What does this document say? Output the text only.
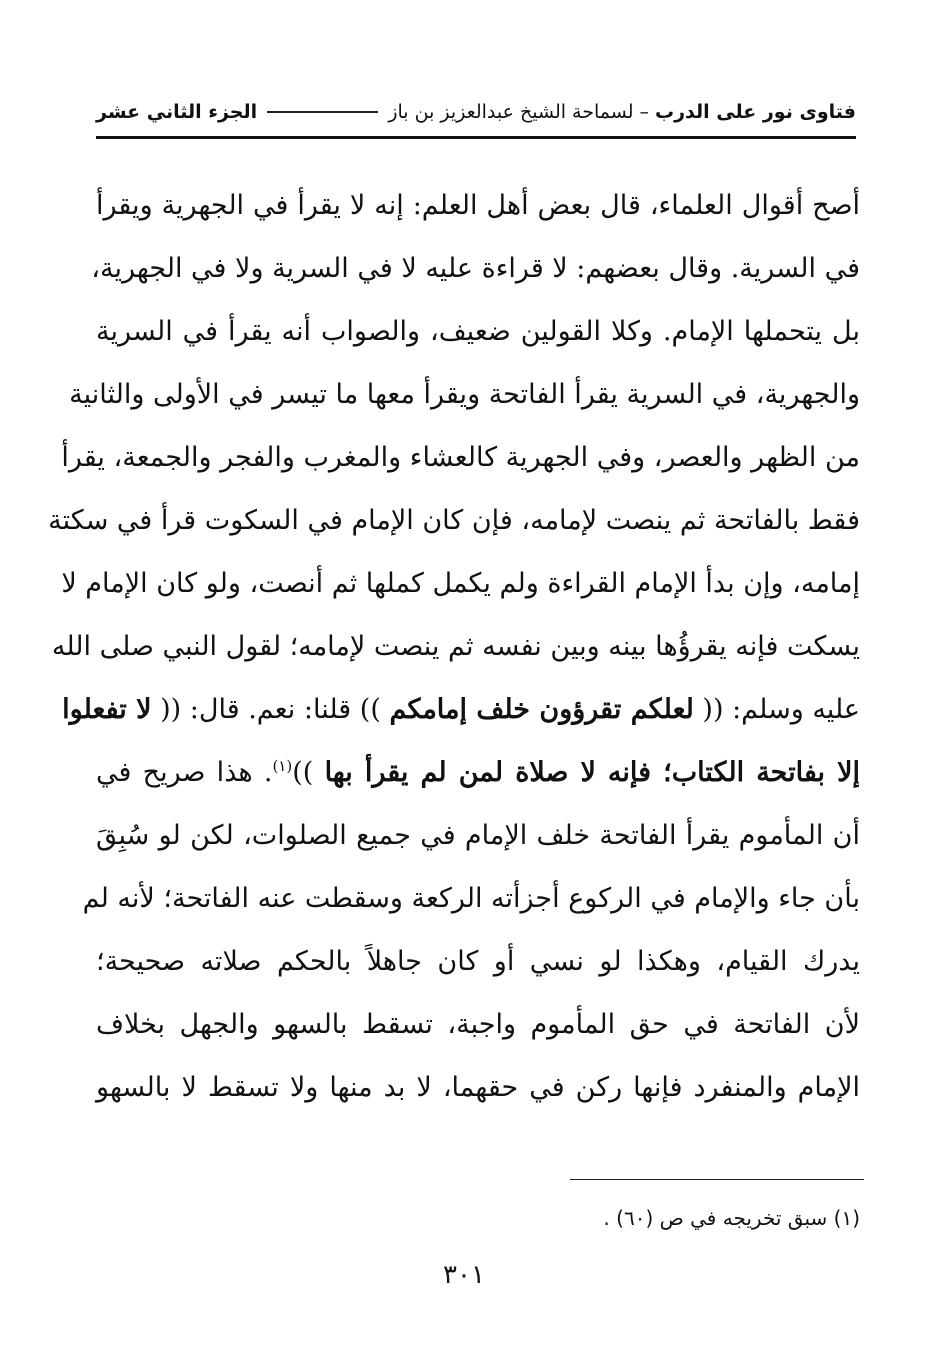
فتاوى نور على الدرب
–
لسماحة الشيخ عبدالعزيز بن باز
الجزء الثاني عشر
أصح أقوال العلماء، قال بعض أهل العلم: إنه لا يقرأ في الجهرية ويقرأ
في السرية. وقال بعضهم: لا قراءة عليه لا في السرية ولا في الجهرية،
بل يتحملها الإمام. وكلا القولين ضعيف، والصواب أنه يقرأ في السرية
والجهرية، في السرية يقرأ الفاتحة ويقرأ معها ما تيسر في الأولى والثانية
من الظهر والعصر، وفي الجهرية كالعشاء والمغرب والفجر والجمعة، يقرأ
فقط بالفاتحة ثم ينصت لإمامه، فإن كان الإمام في السكوت قرأ في سكتة
إمامه، وإن بدأ الإمام القراءة ولم يكمل كملها ثم أنصت، ولو كان الإمام لا
يسكت فإنه يقرؤُها بينه وبين نفسه ثم ينصت لإمامه؛ لقول النبي صلى الله
عليه وسلم: (( لعلكم تقرؤون خلف إمامكم )) قلنا: نعم. قال: (( لا تفعلوا
إلا بفاتحة الكتاب؛ فإنه لا صلاة لمن لم يقرأ بها ))$^{(١)}$. هذا صريح في
أن المأموم يقرأ الفاتحة خلف الإمام في جميع الصلوات، لكن لو سُبِقَ
بأن جاء والإمام في الركوع أجزأته الركعة وسقطت عنه الفاتحة؛ لأنه لم
يدرك القيام، وهكذا لو نسي أو كان جاهلاً بالحكم صلاته صحيحة؛
لأن الفاتحة في حق المأموم واجبة، تسقط بالسهو والجهل بخلاف
الإمام والمنفرد فإنها ركن في حقهما، لا بد منها ولا تسقط لا بالسهو
(١) سبق تخريجه في ص (٦٠) .
٣٠١
